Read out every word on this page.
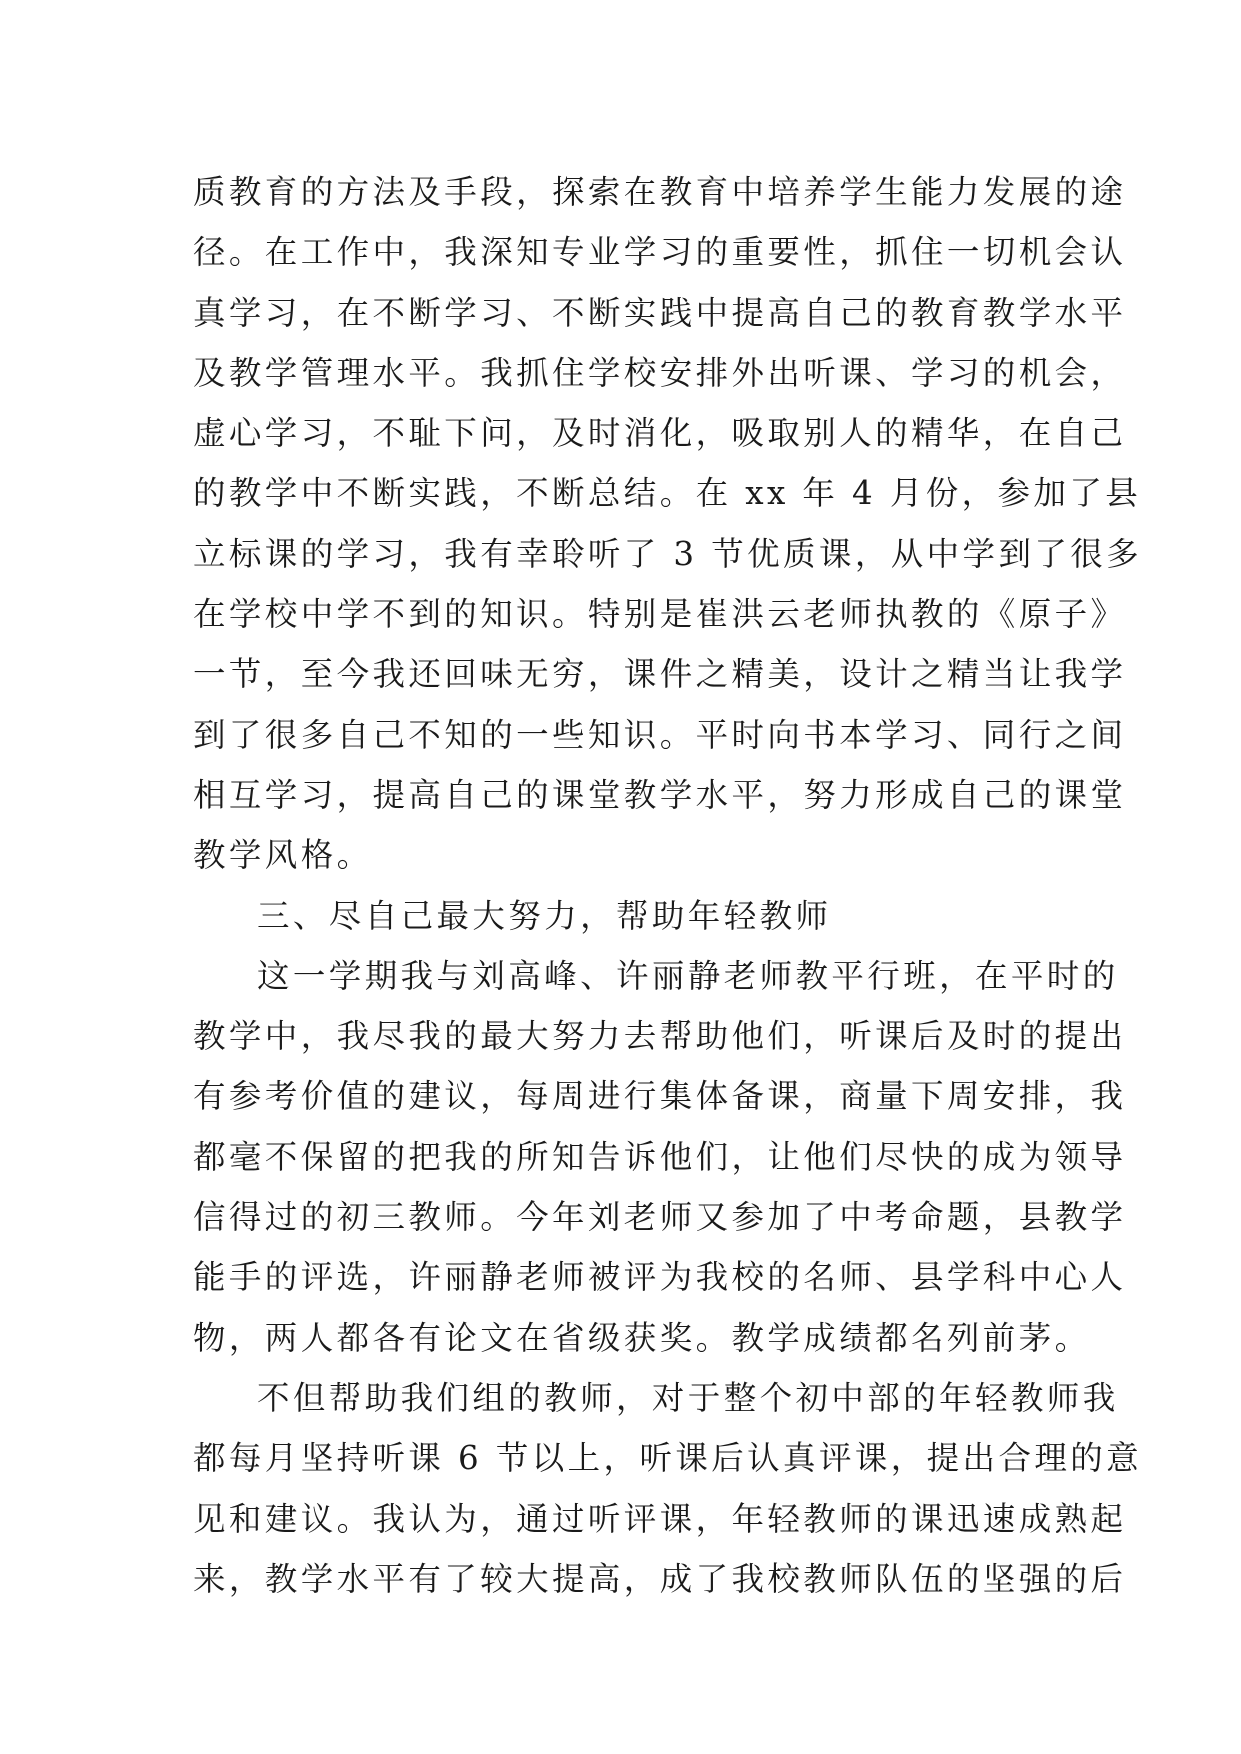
质教育的方法及手段，探索在教育中培养学生能力发展的途
径。在工作中，我深知专业学习的重要性，抓住一切机会认
真学习，在不断学习、不断实践中提高自己的教育教学水平
及教学管理水平。我抓住学校安排外出听课、学习的机会，
虚心学习，不耻下问，及时消化，吸取别人的精华，在自己
的教学中不断实践，不断总结。在 xx 年 4 月份，参加了县
立标课的学习，我有幸聆听了 3 节优质课，从中学到了很多
在学校中学不到的知识。特别是崔洪云老师执教的《原子》
一节，至今我还回味无穷，课件之精美，设计之精当让我学
到了很多自己不知的一些知识。平时向书本学习、同行之间
相互学习，提高自己的课堂教学水平，努力形成自己的课堂
教学风格。
三、尽自己最大努力，帮助年轻教师
这一学期我与刘高峰、许丽静老师教平行班，在平时的
教学中，我尽我的最大努力去帮助他们，听课后及时的提出
有参考价值的建议，每周进行集体备课，商量下周安排，我
都毫不保留的把我的所知告诉他们，让他们尽快的成为领导
信得过的初三教师。今年刘老师又参加了中考命题，县教学
能手的评选，许丽静老师被评为我校的名师、县学科中心人
物，两人都各有论文在省级获奖。教学成绩都名列前茅。
不但帮助我们组的教师，对于整个初中部的年轻教师我
都每月坚持听课 6 节以上，听课后认真评课，提出合理的意
见和建议。我认为，通过听评课，年轻教师的课迅速成熟起
来，教学水平有了较大提高，成了我校教师队伍的坚强的后
